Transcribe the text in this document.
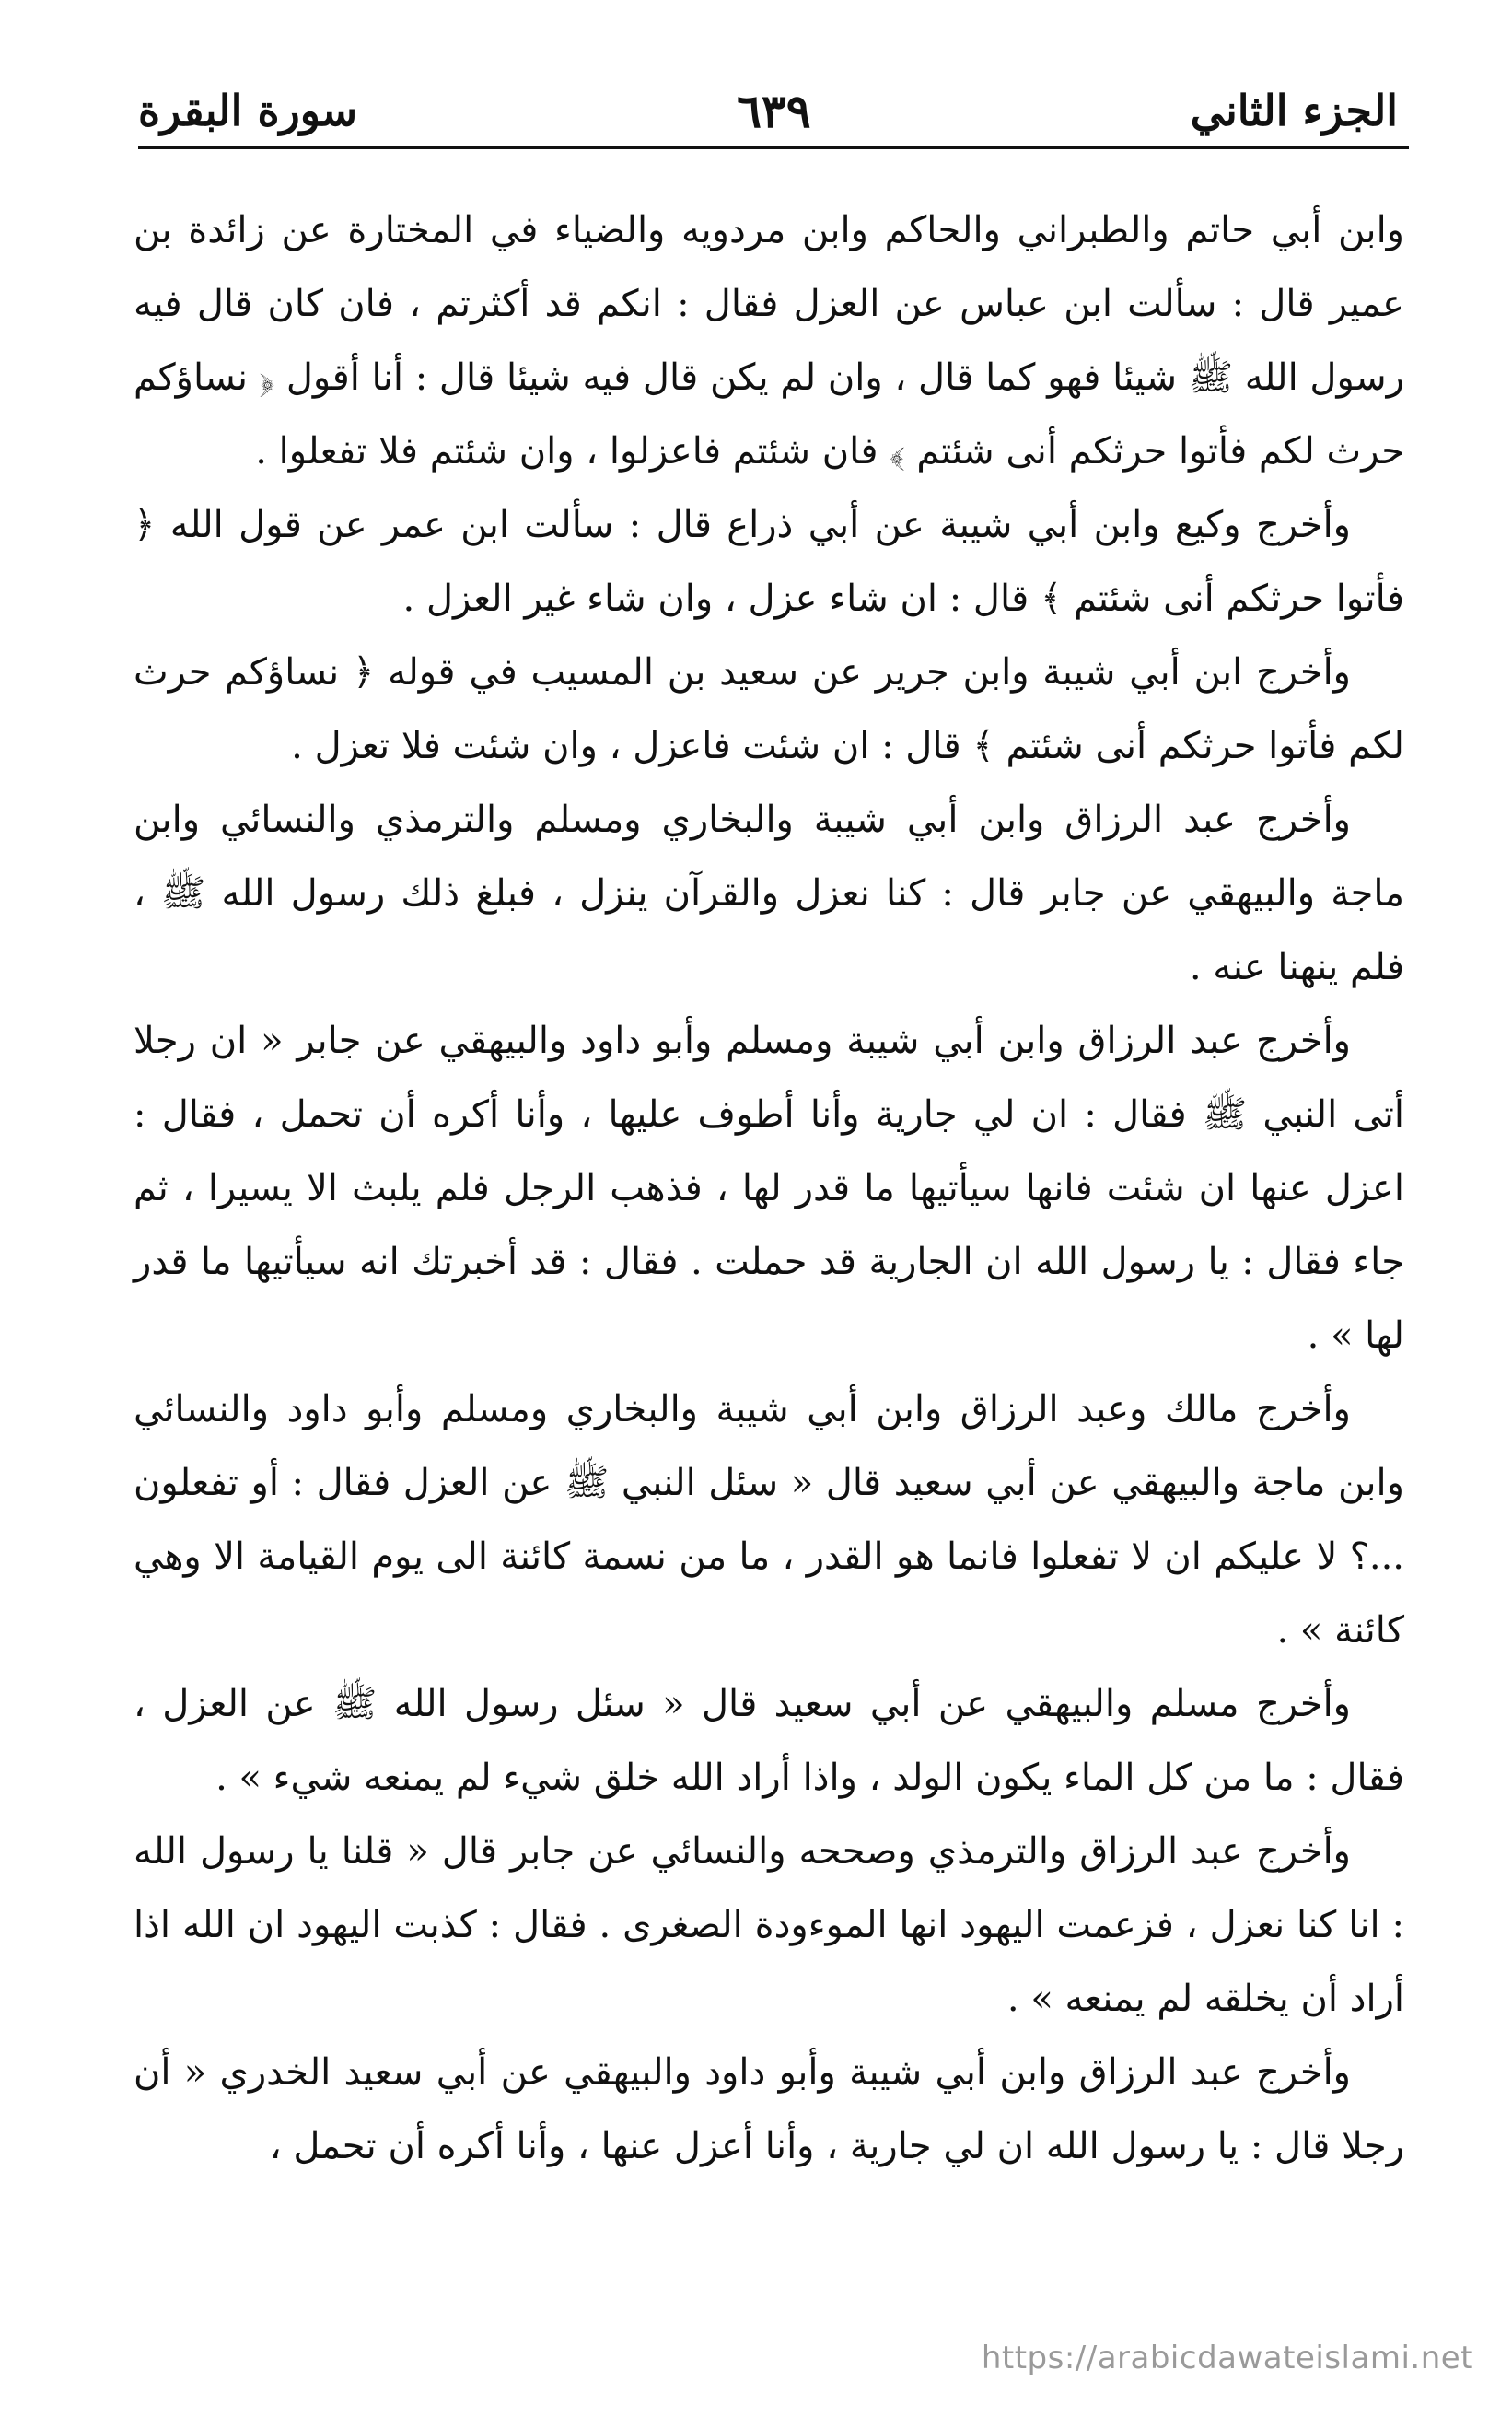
الجزء الثاني
٦٣٩
سورة البقرة

وابن أبي حاتم والطبراني والحاكم وابن مردويه والضياء في المختارة عن زائدة بن عمير قال : سألت ابن عباس عن العزل فقال : انكم قد أكثرتم ، فان كان قال فيه رسول الله ﷺ شيئا فهو كما قال ، وان لم يكن قال فيه شيئا قال : أنا أقول ﴿ نساؤكم حرث لكم فأتوا حرثكم أنى شئتم ﴾ فان شئتم فاعزلوا ، وان شئتم فلا تفعلوا .

وأخرج وكيع وابن أبي شيبة عن أبي ذراع قال : سألت ابن عمر عن قول الله ﴿ فأتوا حرثكم أنى شئتم ﴾ قال : ان شاء عزل ، وان شاء غير العزل .

وأخرج ابن أبي شيبة وابن جرير عن سعيد بن المسيب في قوله ﴿ نساؤكم حرث لكم فأتوا حرثكم أنى شئتم ﴾ قال : ان شئت فاعزل ، وان شئت فلا تعزل .

وأخرج عبد الرزاق وابن أبي شيبة والبخاري ومسلم والترمذي والنسائي وابن ماجة والبيهقي عن جابر قال : كنا نعزل والقرآن ينزل ، فبلغ ذلك رسول الله ﷺ ، فلم ينهنا عنه .

وأخرج عبد الرزاق وابن أبي شيبة ومسلم وأبو داود والبيهقي عن جابر « ان رجلا أتى النبي ﷺ فقال : ان لي جارية وأنا أطوف عليها ، وأنا أكره أن تحمل ، فقال : اعزل عنها ان شئت فانها سيأتيها ما قدر لها ، فذهب الرجل فلم يلبث الا يسيرا ، ثم جاء فقال : يا رسول الله ان الجارية قد حملت . فقال : قد أخبرتك انه سيأتيها ما قدر لها » .

وأخرج مالك وعبد الرزاق وابن أبي شيبة والبخاري ومسلم وأبو داود والنسائي وابن ماجة والبيهقي عن أبي سعيد قال « سئل النبي ﷺ عن العزل فقال : أو تفعلون ...؟ لا عليكم ان لا تفعلوا فانما هو القدر ، ما من نسمة كائنة الى يوم القيامة الا وهي كائنة » .

وأخرج مسلم والبيهقي عن أبي سعيد قال « سئل رسول الله ﷺ عن العزل ، فقال : ما من كل الماء يكون الولد ، واذا أراد الله خلق شيء لم يمنعه شيء » .

وأخرج عبد الرزاق والترمذي وصححه والنسائي عن جابر قال « قلنا يا رسول الله : انا كنا نعزل ، فزعمت اليهود انها الموءودة الصغرى . فقال : كذبت اليهود ان الله اذا أراد أن يخلقه لم يمنعه » .

وأخرج عبد الرزاق وابن أبي شيبة وأبو داود والبيهقي عن أبي سعيد الخدري « أن رجلا قال : يا رسول الله ان لي جارية ، وأنا أعزل عنها ، وأنا أكره أن تحمل ،

https://arabicdawateislami.net
